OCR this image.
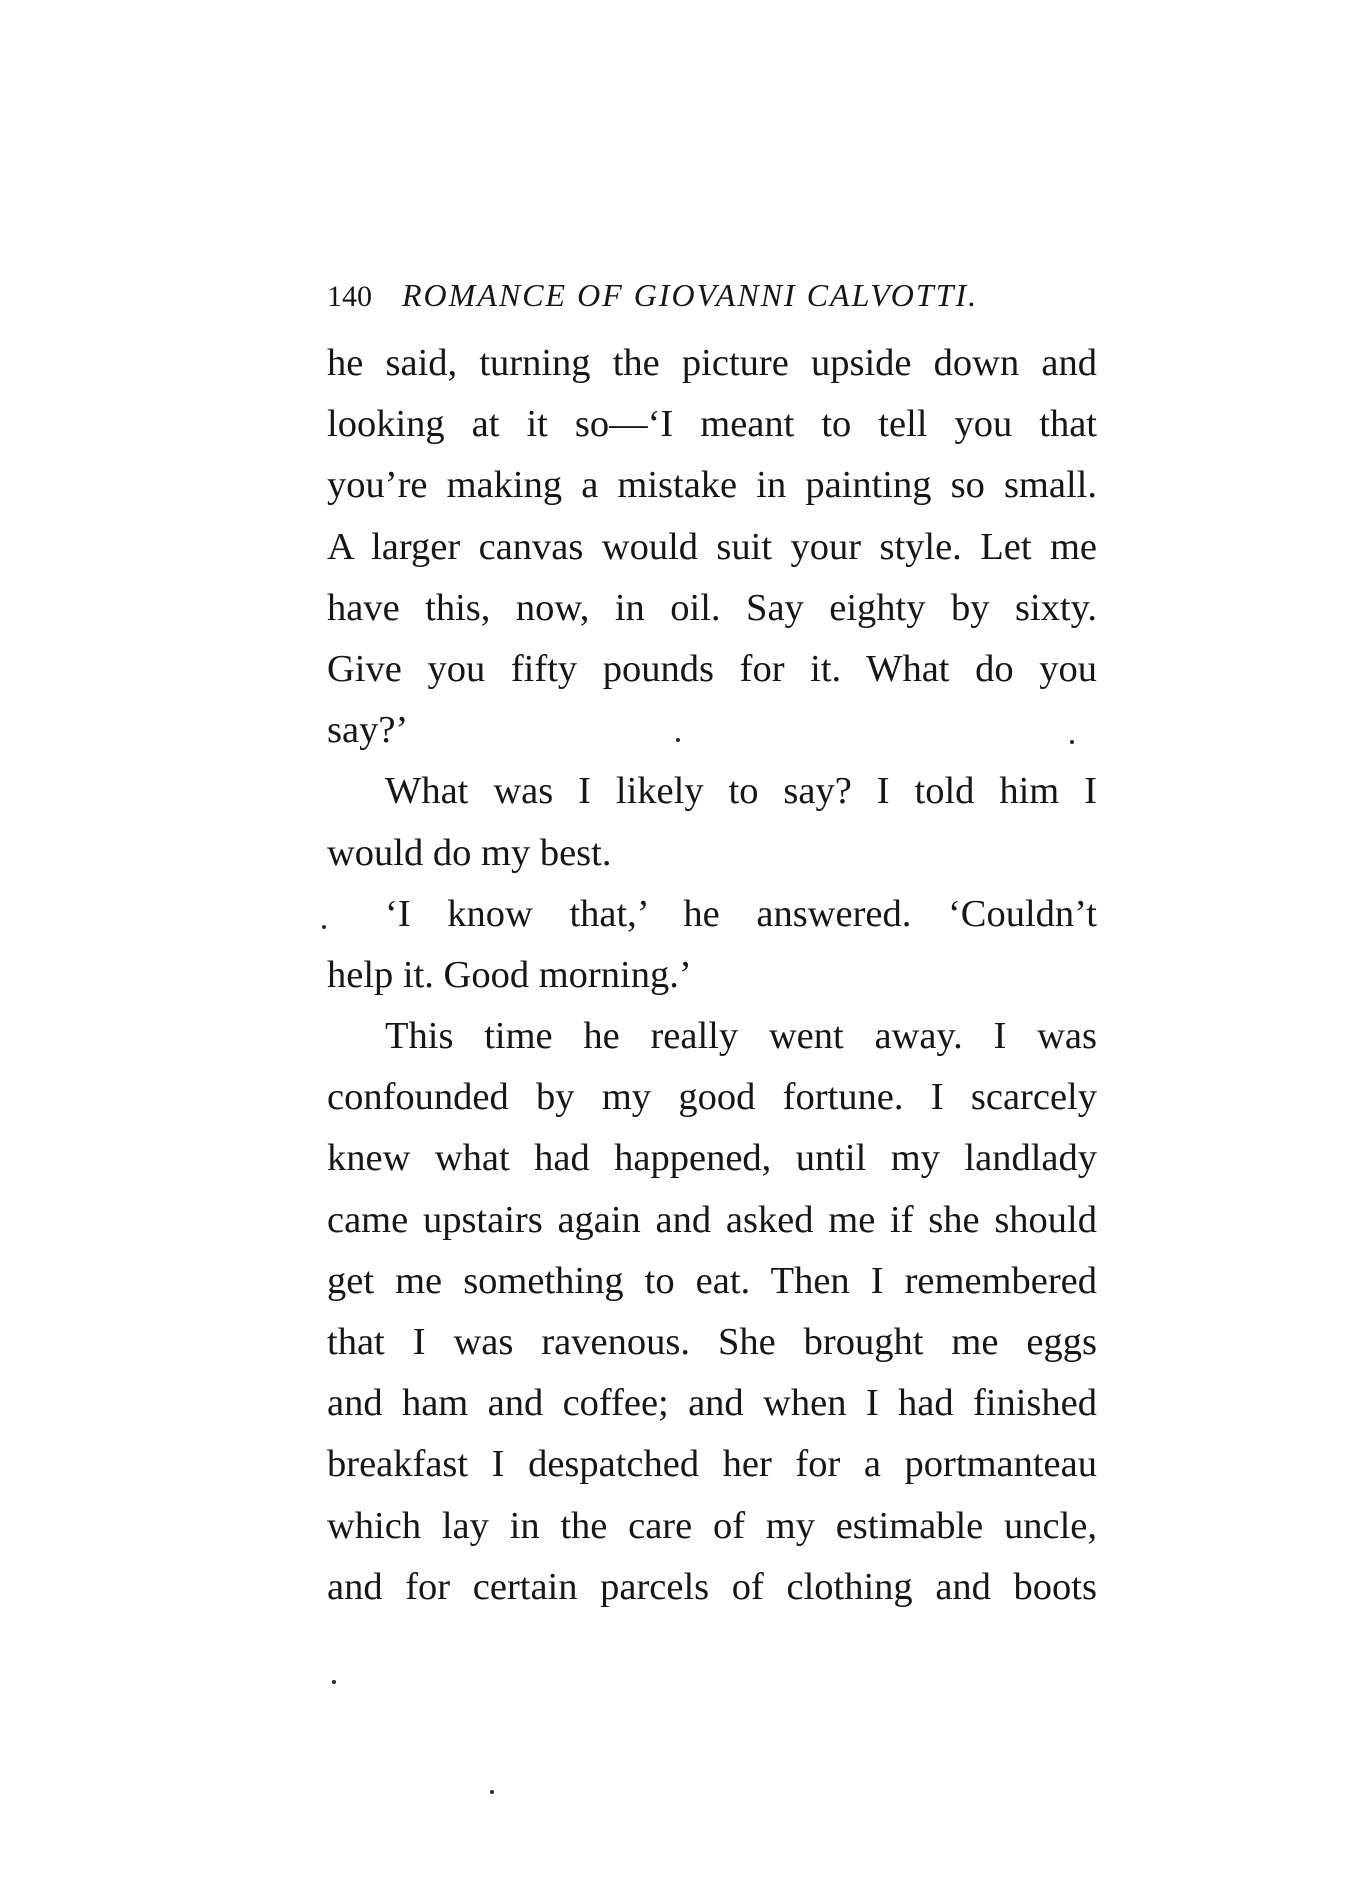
140 ROMANCE OF GIOVANNI CALVOTTI.
he said, turning the picture upside down and
looking at it so—‘I meant to tell you that
you’re making a mistake in painting so small.
A larger canvas would suit your style. Let me
have this, now, in oil. Say eighty by sixty.
Give you fifty pounds for it. What do you
say?’
What was I likely to say? I told him I
would do my best.
‘I know that,’ he answered. ‘Couldn’t
help it. Good morning.’
This time he really went away. I was
confounded by my good fortune. I scarcely
knew what had happened, until my landlady
came upstairs again and asked me if she should
get me something to eat. Then I remembered
that I was ravenous. She brought me eggs
and ham and coffee; and when I had finished
breakfast I despatched her for a portmanteau
which lay in the care of my estimable uncle,
and for certain parcels of clothing and boots
